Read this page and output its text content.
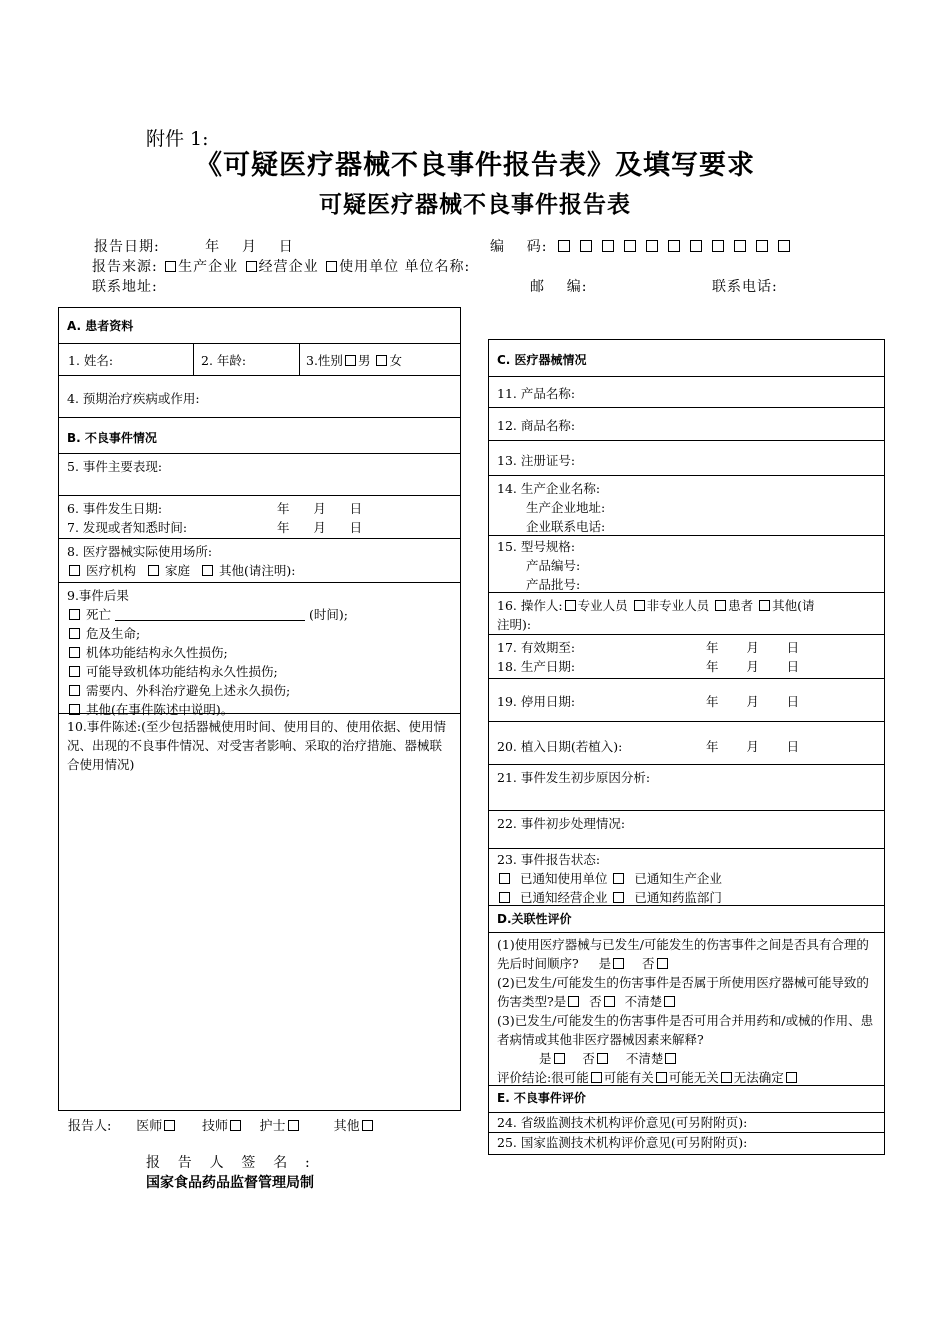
附件 1:
《可疑医疗器械不良事件报告表》及填写要求
可疑医疗器械不良事件报告表
报告日期:	年    月    日	编    码:
报告来源: 生产企业 经营企业 使用单位 单位名称:
联系地址:	邮    编:	联系电话:
A. 患者资料
1. 姓名:	2. 年龄:	3.性别 男 女
4. 预期治疗疾病或作用:
B. 不良事件情况
5. 事件主要表现:
6. 事件发生日期:	年      月      日
7. 发现或者知悉时间:	年      月      日
8. 医疗器械实际使用场所:
医疗机构 家庭 其他(请注明):
9.事件后果
死亡	(时间);
危及生命;
机体功能结构永久性损伤;
可能导致机体功能结构永久性损伤;
需要内、外科治疗避免上述永久损伤;
其他(在事件陈述中说明)。
10.事件陈述:(至少包括器械使用时间、使用目的、使用依据、使用情况、出现的不良事件情况、对受害者影响、采取的治疗措施、器械联合使用情况)
C. 医疗器械情况
11. 产品名称:
12. 商品名称:
13. 注册证号:
14. 生产企业名称:
生产企业地址:
企业联系电话:
15. 型号规格:
产品编号:
产品批号:
16. 操作人: 专业人员 非专业人员 患者 其他(请
注明):
17. 有效期至:	年       月       日
18. 生产日期:	年       月       日
19. 停用日期:	年       月       日
20. 植入日期(若植入):	年       月       日
21. 事件发生初步原因分析:
22. 事件初步处理情况:
23. 事件报告状态:
已通知使用单位 已通知生产企业
已通知经营企业 已通知药监部门
D.关联性评价
(1)使用医疗器械与已发生/可能发生的伤害事件之间是否具有合理的先后时间顺序? 是 否
(2)已发生/可能发生的伤害事件是否属于所使用医疗器械可能导致的伤害类型?是 否 不清楚
(3)已发生/可能发生的伤害事件是否可用合并用药和/或械的作用、患者病情或其他非医疗器械因素来解释?
是 否 不清楚
评价结论:很可能 可能有关 可能无关 无法确定
E. 不良事件评价
24. 省级监测技术机构评价意见(可另附附页):
25. 国家监测技术机构评价意见(可另附附页):
报告人: 医师	技师 护士	其他
报    告    人    签    名    :
国家食品药品监督管理局制
